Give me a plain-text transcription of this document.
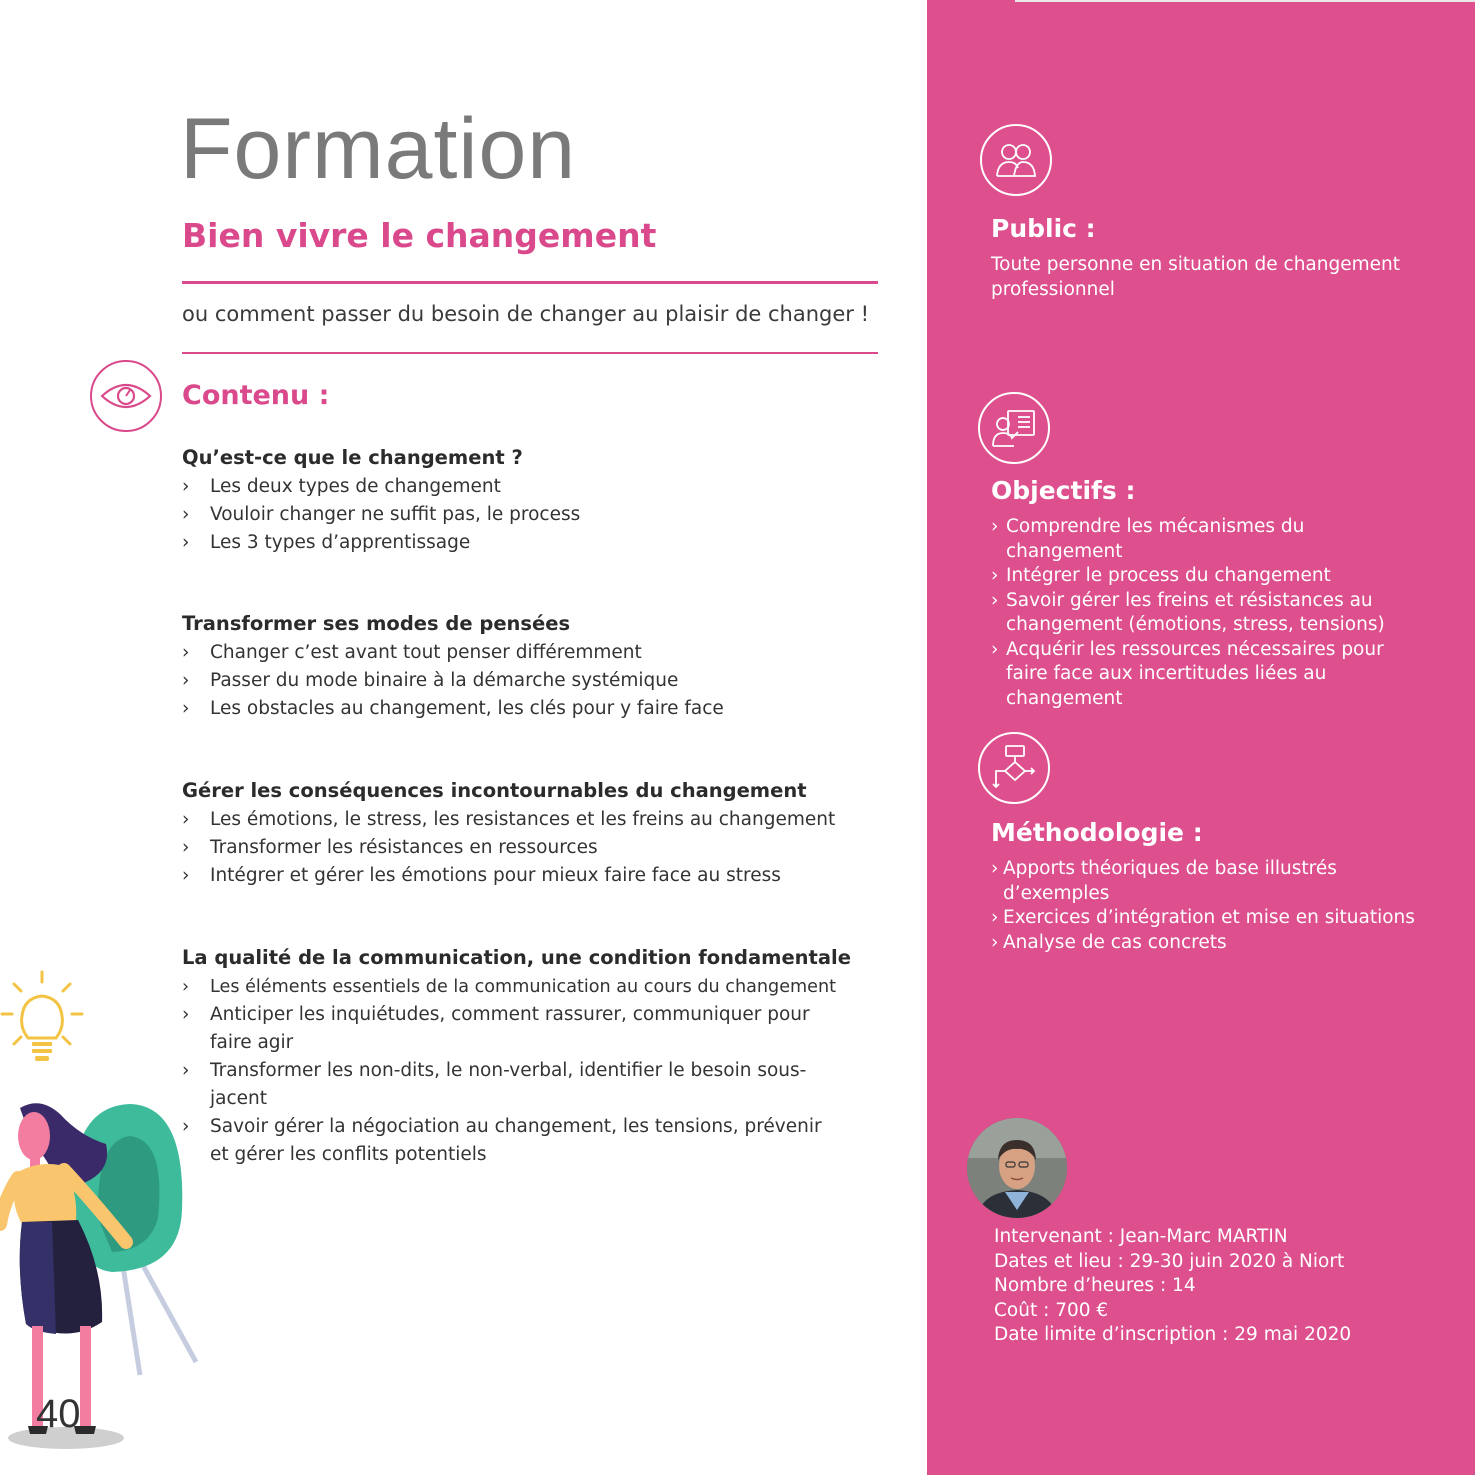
Formation
Bien vivre le changement

ou comment passer du besoin de changer au plaisir de changer !

Contenu :
Qu’est-ce que le changement ?
› Les deux types de changement
› Vouloir changer ne suffit pas, le process
› Les 3 types d’apprentissage
Transformer ses modes de pensées
› Changer c’est avant tout penser différemment
› Passer du mode binaire à la démarche systémique
› Les obstacles au changement, les clés pour y faire face
Gérer les conséquences incontournables du changement
› Les émotions, le stress, les resistances et les freins au changement
› Transformer les résistances en ressources
› Intégrer et gérer les émotions pour mieux faire face au stress
La qualité de la communication, une condition fondamentale
› Les éléments essentiels de la communication au cours du changement
› Anticiper les inquiétudes, comment rassurer, communiquer pour faire agir
› Transformer les non-dits, le non-verbal, identifier le besoin sous-jacent
› Savoir gérer la négociation au changement, les tensions, prévenir et gérer les conflits potentiels
40
Public :

Toute personne en situation de changement professionnel

Objectifs :
› Comprendre les mécanismes du changement
› Intégrer le process du changement
› Savoir gérer les freins et résistances au changement (émotions, stress, tensions)
› Acquérir les ressources nécessaires pour faire face aux incertitudes liées au changement
Méthodologie :
› Apports théoriques de base illustrés d’exemples
› Exercices d’intégration et mise en situations
› Analyse de cas concrets
Intervenant : Jean-Marc MARTIN
Dates et lieu : 29-30 juin 2020 à Niort
Nombre d’heures : 14
Coût : 700 €
Date limite d’inscription : 29 mai 2020
